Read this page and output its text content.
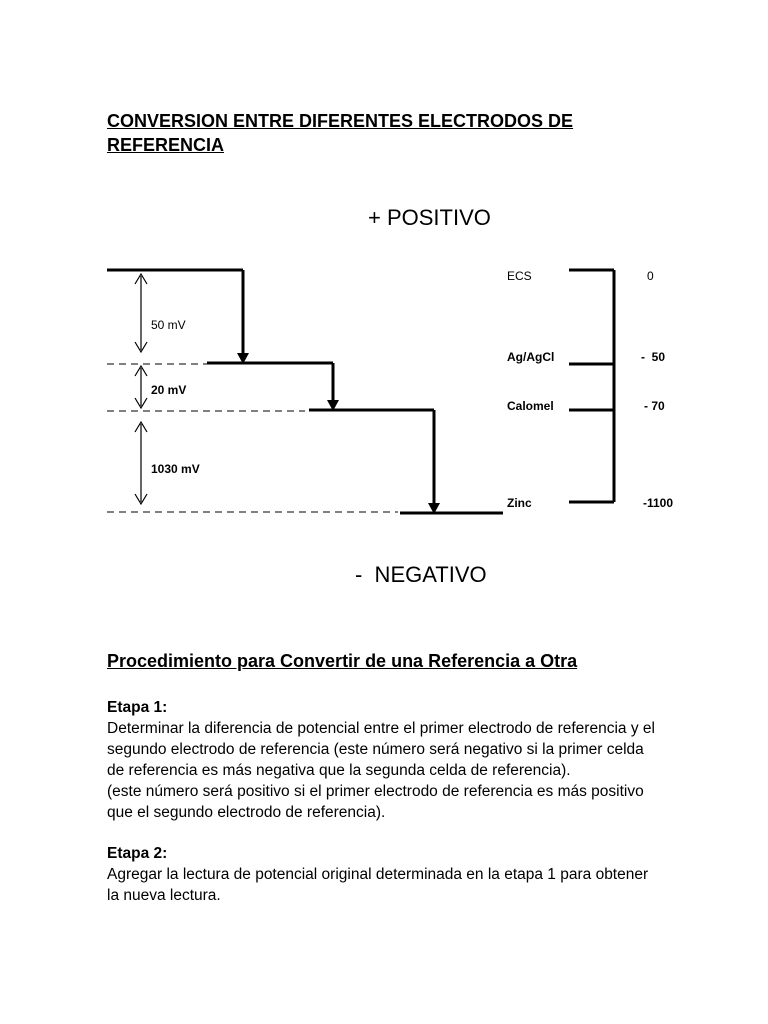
CONVERSION ENTRE DIFERENTES ELECTRODOS DE
REFERENCIA
+ POSITIVO
50 mV
20 mV
1030 mV
ECS
Ag/AgCl
Calomel
Zinc
0
-  50
- 70
-1100
-  NEGATIVO
Procedimiento para Convertir de una Referencia a Otra
Etapa 1:

Determinar la diferencia de potencial entre el primer electrodo de referencia y el

segundo electrodo de referencia (este número será negativo si la primer celda

de referencia es más negativa que la segunda celda de referencia).

(este número será positivo si el primer electrodo de referencia es más positivo

que el segundo electrodo de referencia).

Etapa 2:

Agregar la lectura de potencial original determinada en la etapa 1 para obtener

la nueva lectura.
